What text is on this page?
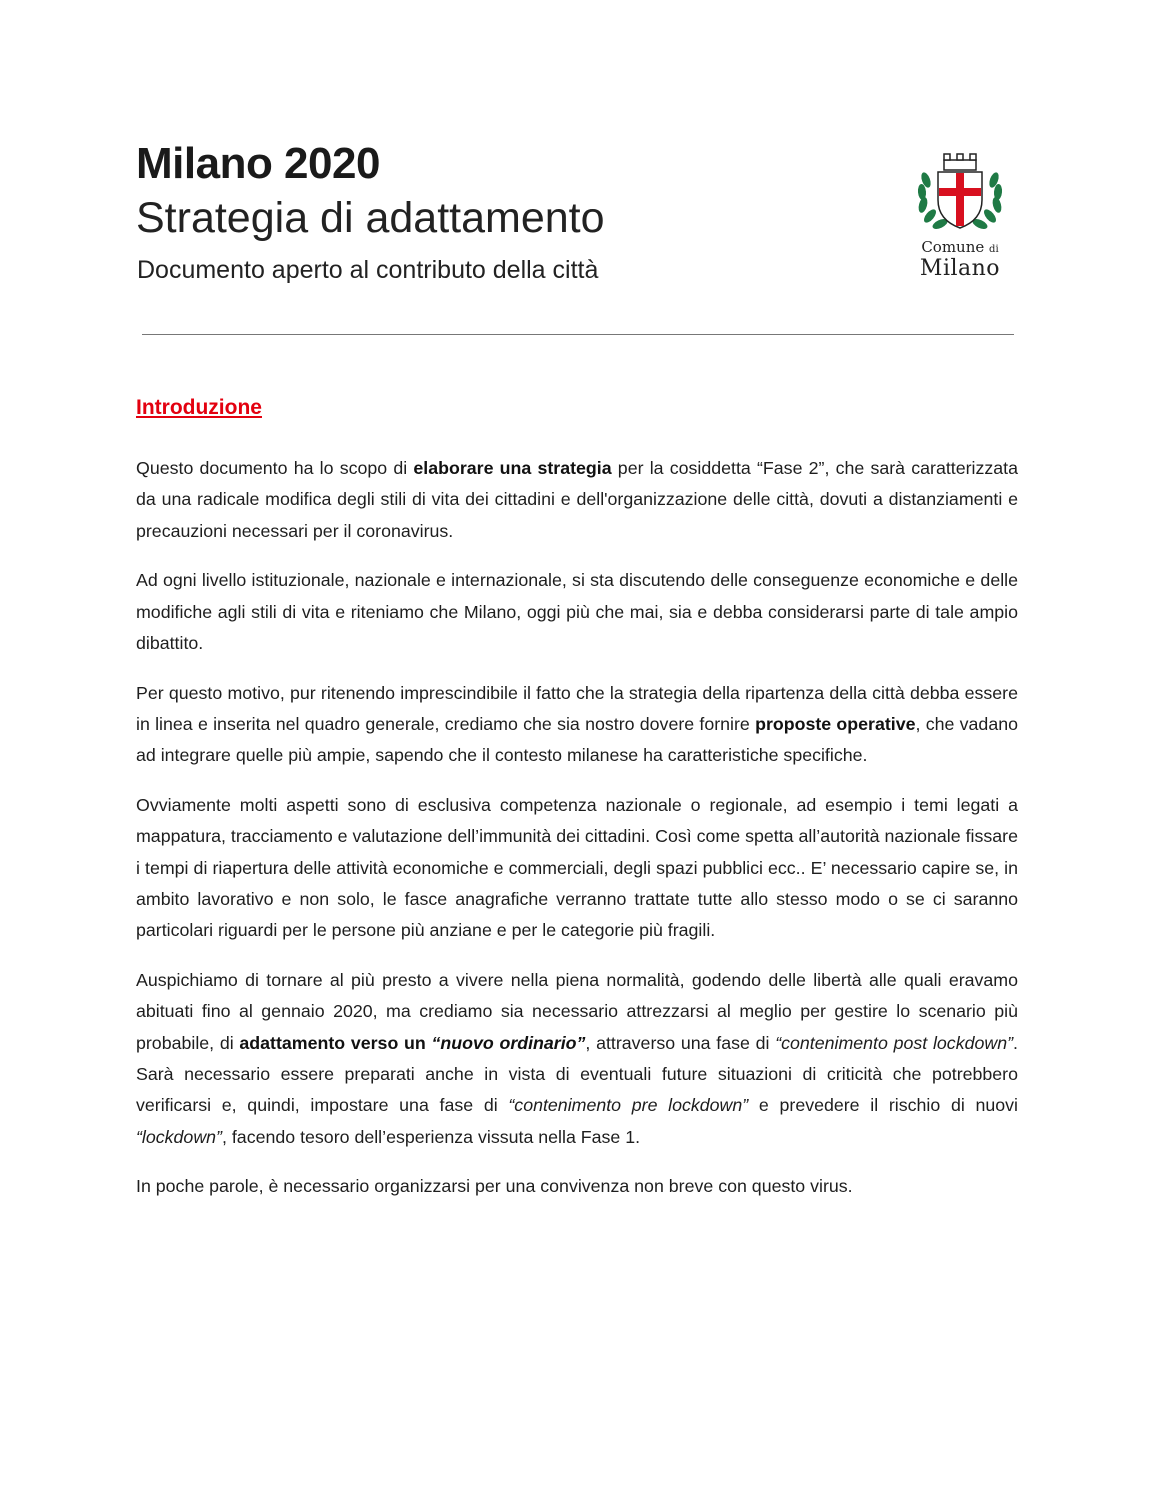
Milano 2020
Strategia di adattamento
Documento aperto al contributo della città
Comune di
Milano
Introduzione

Questo documento ha lo scopo di elaborare una strategia per la cosiddetta “Fase 2”, che sarà caratterizzata da una radicale modifica degli stili di vita dei cittadini e dell'organizzazione delle città, dovuti a distanziamenti e precauzioni necessari per il coronavirus.

Ad ogni livello istituzionale, nazionale e internazionale, si sta discutendo delle conseguenze economiche e delle modifiche agli stili di vita e riteniamo che Milano, oggi più che mai, sia e debba considerarsi parte di tale ampio dibattito.

Per questo motivo, pur ritenendo imprescindibile il fatto che la strategia della ripartenza della città debba essere in linea e inserita nel quadro generale, crediamo che sia nostro dovere fornire proposte operative, che vadano ad integrare quelle più ampie, sapendo che il contesto milanese ha caratteristiche specifiche.

Ovviamente molti aspetti sono di esclusiva competenza nazionale o regionale, ad esempio i temi legati a mappatura, tracciamento e valutazione dell’immunità dei cittadini. Così come spetta all’autorità nazionale fissare i tempi di riapertura delle attività economiche e commerciali, degli spazi pubblici ecc.. E’ necessario capire se, in ambito lavorativo e non solo, le fasce anagrafiche verranno trattate tutte allo stesso modo o se ci saranno particolari riguardi per le persone più anziane e per le categorie più fragili.

Auspichiamo di tornare al più presto a vivere nella piena normalità, godendo delle libertà alle quali eravamo abituati fino al gennaio 2020, ma crediamo sia necessario attrezzarsi al meglio per gestire lo scenario più probabile, di adattamento verso un “nuovo ordinario”, attraverso una fase di “contenimento post lockdown”. Sarà necessario essere preparati anche in vista di eventuali future situazioni di criticità che potrebbero verificarsi e, quindi, impostare una fase di “contenimento pre lockdown” e prevedere il rischio di nuovi “lockdown”, facendo tesoro dell’esperienza vissuta nella Fase 1.

In poche parole, è necessario organizzarsi per una convivenza non breve con questo virus.
